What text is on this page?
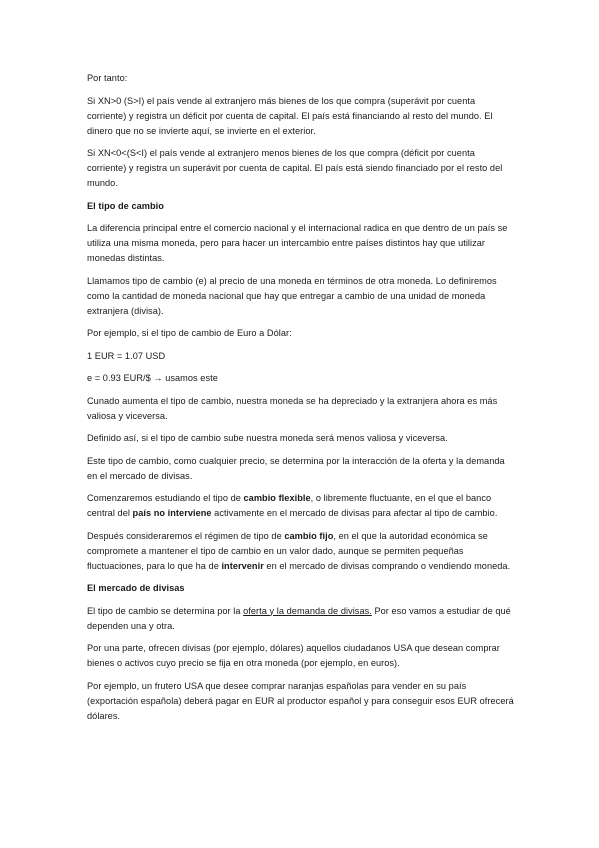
Por tanto:

Si XN>0 (S>I) el país vende al extranjero más bienes de los que compra (superávit por cuenta corriente) y registra un déficit por cuenta de capital. El país está financiando al resto del mundo. El dinero que no se invierte aquí, se invierte en el exterior.

Si XN<0<(S<I) el país vende al extranjero menos bienes de los que compra (déficit por cuenta corriente) y registra un superávit por cuenta de capital. El país está siendo financiado por el resto del mundo.

El tipo de cambio

La diferencia principal entre el comercio nacional y el internacional radica en que dentro de un país se utiliza una misma moneda, pero para hacer un intercambio entre países distintos hay que utilizar monedas distintas.

Llamamos tipo de cambio (e) al precio de una moneda en términos de otra moneda. Lo definiremos como la cantidad de moneda nacional que hay que entregar a cambio de una unidad de moneda extranjera (divisa).

Por ejemplo, si el tipo de cambio de Euro a Dólar:

1 EUR = 1.07 USD

e = 0.93 EUR/$ → usamos este

Cunado aumenta el tipo de cambio, nuestra moneda se ha depreciado y la extranjera ahora es más valiosa y viceversa.

Definido así, si el tipo de cambio sube nuestra moneda será menos valiosa y viceversa.

Este tipo de cambio, como cualquier precio, se determina por la interacción de la oferta y la demanda en el mercado de divisas.

Comenzaremos estudiando el tipo de cambio flexible, o libremente fluctuante, en el que el banco central del país no interviene activamente en el mercado de divisas para afectar al tipo de cambio.

Después consideraremos el régimen de tipo de cambio fijo, en el que la autoridad económica se compromete a mantener el tipo de cambio en un valor dado, aunque se permiten pequeñas fluctuaciones, para lo que ha de intervenir en el mercado de divisas comprando o vendiendo moneda.

El mercado de divisas

El tipo de cambio se determina por la oferta y la demanda de divisas. Por eso vamos a estudiar de qué dependen una y otra.

Por una parte, ofrecen divisas (por ejemplo, dólares) aquellos ciudadanos USA que desean comprar bienes o activos cuyo precio se fija en otra moneda (por ejemplo, en euros).

Por ejemplo, un frutero USA que desee comprar naranjas españolas para vender en su país (exportación española) deberá pagar en EUR al productor español y para conseguir esos EUR ofrecerá dólares.
